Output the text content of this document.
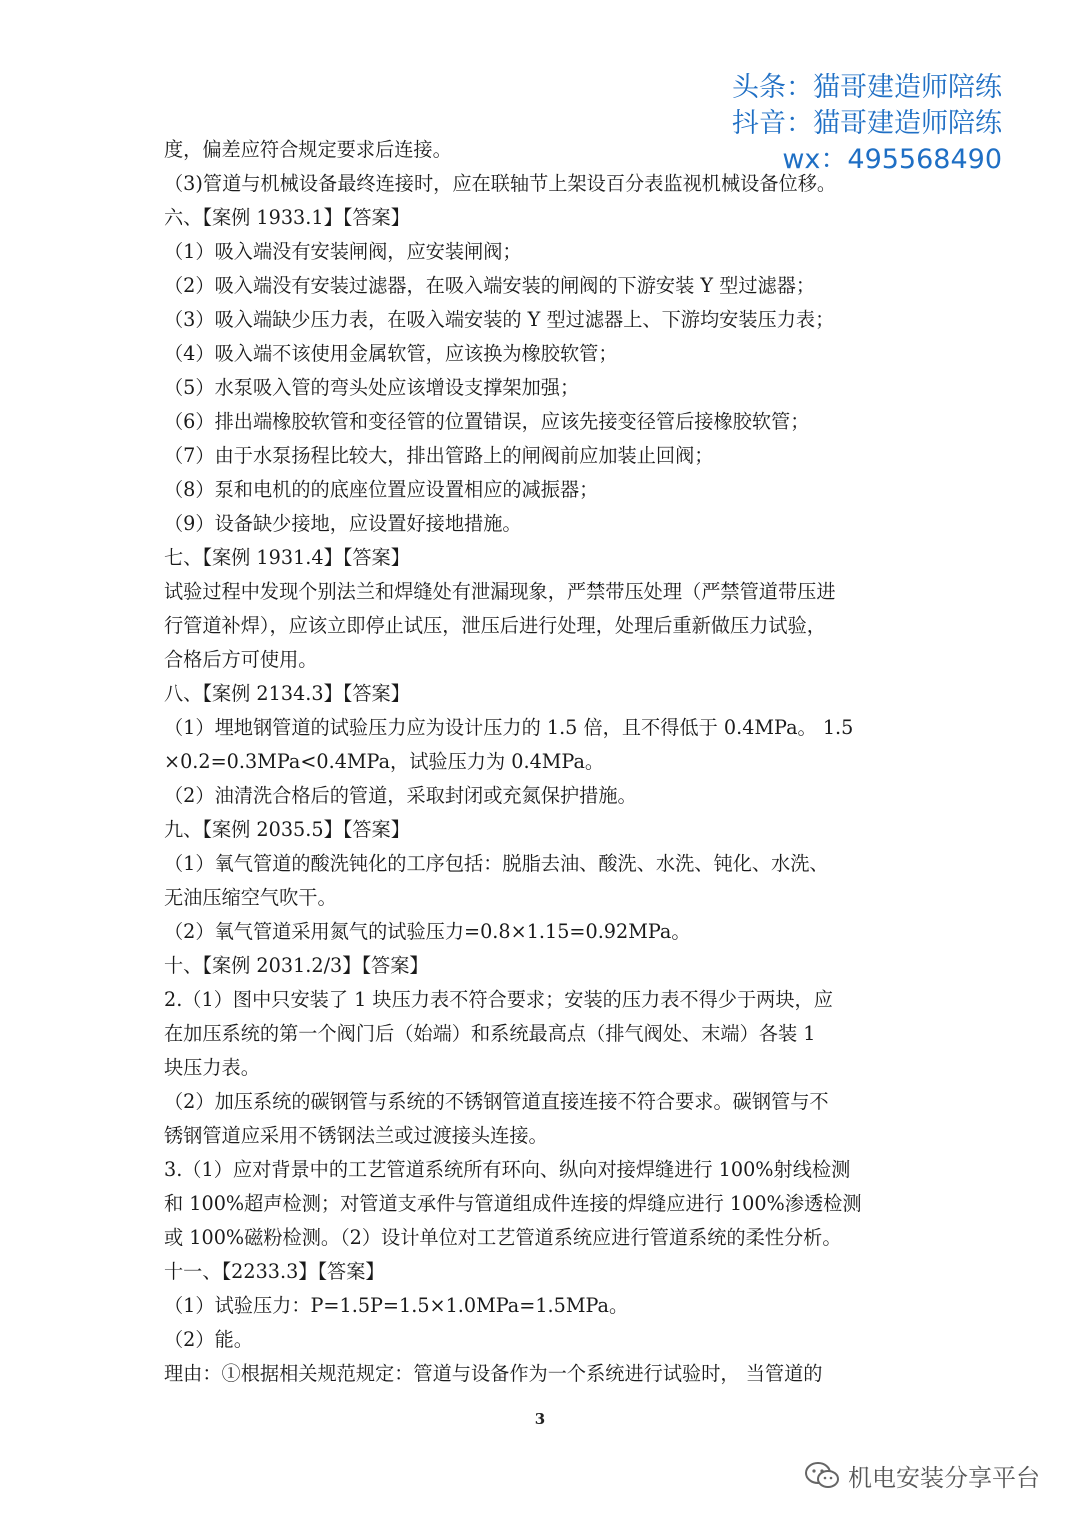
头条：猫哥建造师陪练
抖音：猫哥建造师陪练
wx：495568490

度，偏差应符合规定要求后连接。

（3)管道与机械设备最终连接时，应在联轴节上架设百分表监视机械设备位移。

六、【案例 1933.1】【答案】

（1）吸入端没有安装闸阀，应安装闸阀；

（2）吸入端没有安装过滤器，在吸入端安装的闸阀的下游安装 Y 型过滤器；

（3）吸入端缺少压力表，在吸入端安装的 Y 型过滤器上、下游均安装压力表；

（4）吸入端不该使用金属软管，应该换为橡胶软管；

（5）水泵吸入管的弯头处应该增设支撑架加强；

（6）排出端橡胶软管和变径管的位置错误，应该先接变径管后接橡胶软管；

（7）由于水泵扬程比较大，排出管路上的闸阀前应加装止回阀；

（8）泵和电机的的底座位置应设置相应的减振器；

（9）设备缺少接地，应设置好接地措施。

七、【案例 1931.4】【答案】

试验过程中发现个别法兰和焊缝处有泄漏现象，严禁带压处理（严禁管道带压进

行管道补焊），应该立即停止试压，泄压后进行处理，处理后重新做压力试验，

合格后方可使用。

八、【案例 2134.3】【答案】

（1）埋地钢管道的试验压力应为设计压力的 1.5 倍，且不得低于 0.4MPa。 1.5

×0.2=0.3MPa<0.4MPa，试验压力为 0.4MPa。

（2）油清洗合格后的管道，采取封闭或充氮保护措施。

九、【案例 2035.5】【答案】

（1）氧气管道的酸洗钝化的工序包括：脱脂去油、酸洗、水洗、钝化、水洗、

无油压缩空气吹干。

（2）氧气管道采用氮气的试验压力=0.8×1.15=0.92MPa。

十、【案例 2031.2/3】【答案】

2.（1）图中只安装了 1 块压力表不符合要求；安装的压力表不得少于两块，应

在加压系统的第一个阀门后（始端）和系统最高点（排气阀处、末端）各装 1

块压力表。

（2）加压系统的碳钢管与系统的不锈钢管道直接连接不符合要求。碳钢管与不

锈钢管道应采用不锈钢法兰或过渡接头连接。

3.（1）应对背景中的工艺管道系统所有环向、纵向对接焊缝进行 100%射线检测

和 100%超声检测；对管道支承件与管道组成件连接的焊缝应进行 100%渗透检测

或 100%磁粉检测。（2）设计单位对工艺管道系统应进行管道系统的柔性分析。

十一、【2233.3】【答案】

（1）试验压力：P=1.5P=1.5×1.0MPa=1.5MPa。

（2）能。

理由：①根据相关规范规定：管道与设备作为一个系统进行试验时， 当管道的

3
机电安装分享平台
